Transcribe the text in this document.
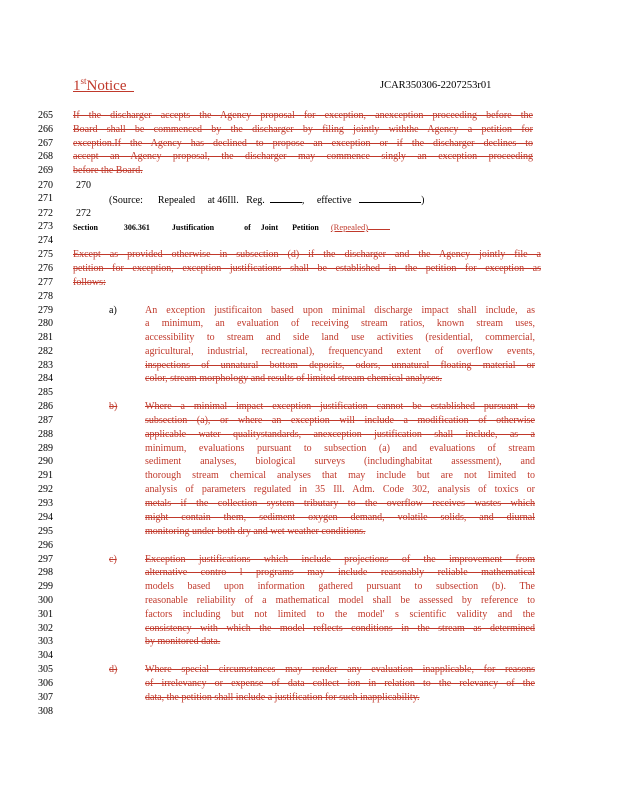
1stNotice	JCAR350306-2207253r01
265
266
267
268
269
270
271
272
273
274
275
276
277
278
279
280
281
282
283
284
285
286
287
288
289
290
291
292
293
294
295
296
297
298
299
300
301
302
303
304
305
306
307
308
If the discharger accepts the Agency proposal for exception, anexception proceeding before the
Board shall be commenced by the discharger by filing jointly withthe Agency a petition for
exception.If the Agency has declined to propose an exception or if the discharger declines to
accept an Agency proposal, the discharger may commence singly an exception proceeding
before the Board.
Except as provided otherwise in subsection (d) if the discharger and the Agency jointly file a
petition for exception, exception justifications shall be established in the petition for exception as
follows:
An exception justificaiton based upon minimal discharge impact shall include, as
a minimum, an evaluation of receiving stream ratios, known stream uses,
accessibility to stream and side land use activities (residential, commercial,
agricultural, industrial, recreational), frequencyand extent of overflow events,
inspections of unnatural bottom deposits, odors, unnatural floating material or
color, stream morphology and results of limited stream chemical analyses.
Where a minimal impact exception justification cannot be established pursuant to
subsection (a), or where an exception will include a modification of otherwise
applicable water qualitystandards, anexception justification shall include, as a
minimum, evaluations pursuant to subsection (a) and evaluations of stream
sediment analyses, biological surveys (includinghabitat assessment), and
thorough stream chemical analyses that may include but are not limited to
analysis of parameters regulated in 35 Ill. Adm. Code 302, analysis of toxics or
metals if the collection system tributary to the overflow receives wastes which
might contain them, sediment oxygen demand, volatile solids, and diurnal
monitoring under both dry and wet weather conditions.
Exception justifications which include projections of the improvement from
alternative contro l programs may include reasonably reliable mathematical
models based upon information gathered pursuant to subsection (b). The
reasonable reliability of a mathematical model shall be assessed by reference to
factors including but not limited to the model' s scientific validity and the
consistency with which the model reflects conditions in the stream as determined
by monitored data.
Where special circumstances may render any evaluation inapplicable, for reasons
of irrelevancy or expense of data collect ion in relation to the relevancy of the
data, the petition shall include a justification for such inapplicability.
270
272
(Source: Repealed at 46Ill. Reg.	, effective	)
Section	306.361	Justification	of Joint Petition (Repealed)
a)
b)
c)
d)
